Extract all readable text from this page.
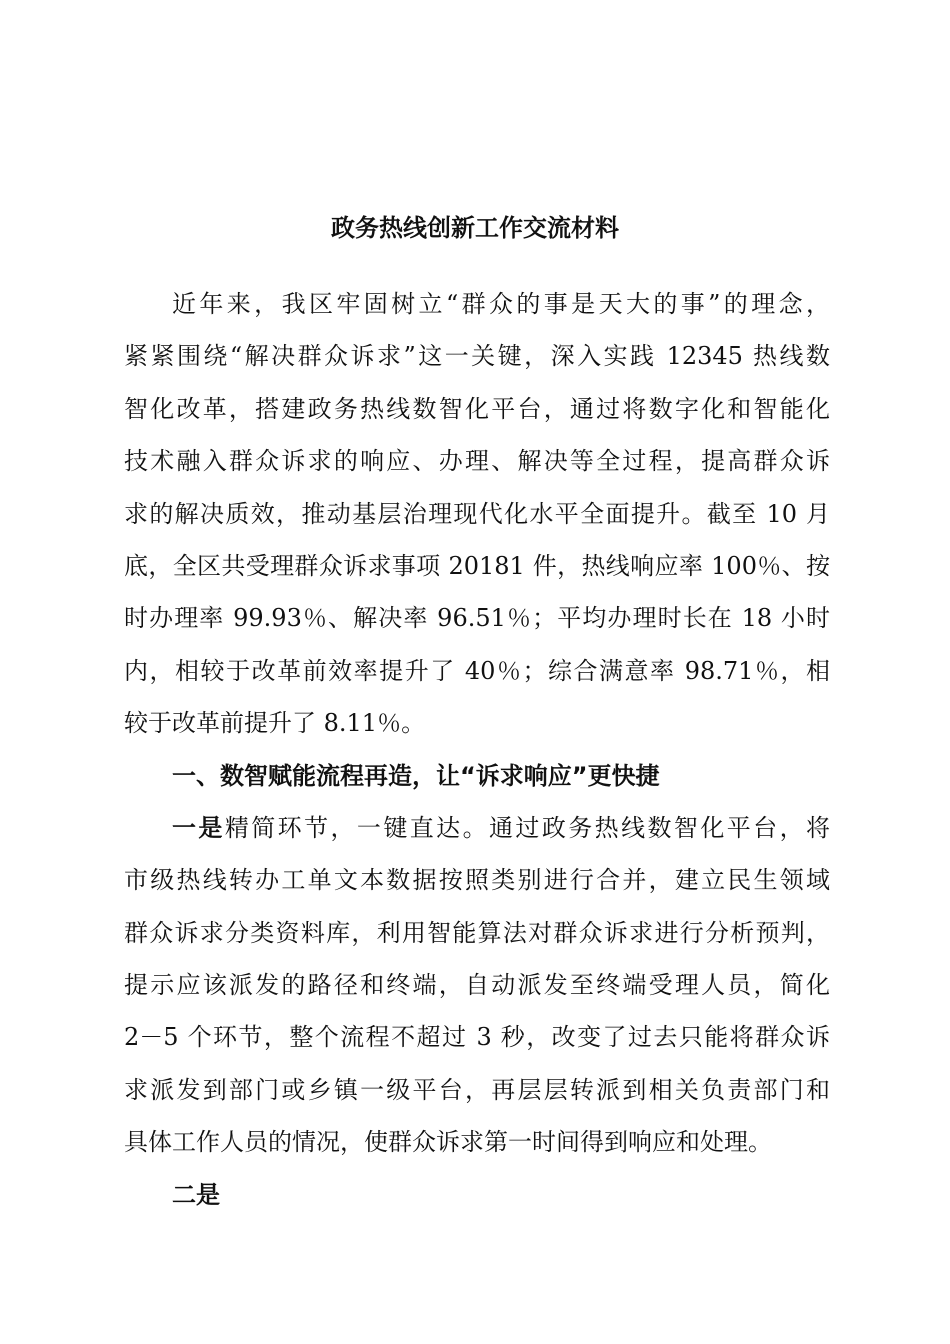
政务热线创新工作交流材料
近年来，我区牢固树立“群众的事是天大的事”的理念，
紧紧围绕“解决群众诉求”这一关键，深入实践 12345 热线数
智化改革，搭建政务热线数智化平台，通过将数字化和智能化
技术融入群众诉求的响应、办理、解决等全过程，提高群众诉
求的解决质效，推动基层治理现代化水平全面提升。截至 10 月
底，全区共受理群众诉求事项 20181 件，热线响应率 100％、按
时办理率 99.93％、解决率 96.51％；平均办理时长在 18 小时
内，相较于改革前效率提升了 40％；综合满意率 98.71％，相
较于改革前提升了 8.11％。
一、数智赋能流程再造，让“诉求响应”更快捷
一是精简环节，一键直达。通过政务热线数智化平台，将
市级热线转办工单文本数据按照类别进行合并，建立民生领域
群众诉求分类资料库，利用智能算法对群众诉求进行分析预判，
提示应该派发的路径和终端，自动派发至终端受理人员，简化
2－5 个环节，整个流程不超过 3 秒，改变了过去只能将群众诉
求派发到部门或乡镇一级平台，再层层转派到相关负责部门和
具体工作人员的情况，使群众诉求第一时间得到响应和处理。
二是
